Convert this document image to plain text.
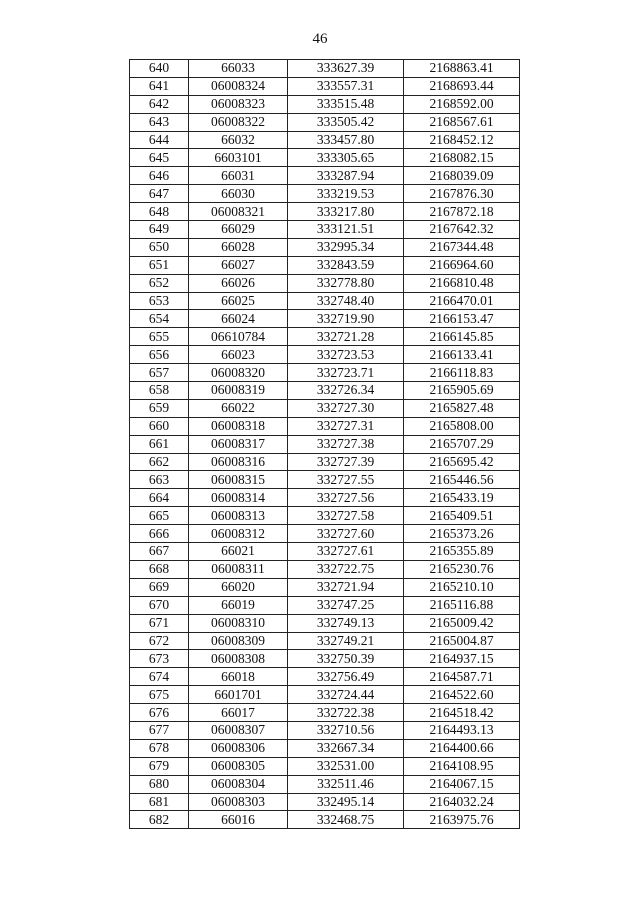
46
640	66033	333627.39	2168863.41
641	06008324	333557.31	2168693.44
642	06008323	333515.48	2168592.00
643	06008322	333505.42	2168567.61
644	66032	333457.80	2168452.12
645	6603101	333305.65	2168082.15
646	66031	333287.94	2168039.09
647	66030	333219.53	2167876.30
648	06008321	333217.80	2167872.18
649	66029	333121.51	2167642.32
650	66028	332995.34	2167344.48
651	66027	332843.59	2166964.60
652	66026	332778.80	2166810.48
653	66025	332748.40	2166470.01
654	66024	332719.90	2166153.47
655	06610784	332721.28	2166145.85
656	66023	332723.53	2166133.41
657	06008320	332723.71	2166118.83
658	06008319	332726.34	2165905.69
659	66022	332727.30	2165827.48
660	06008318	332727.31	2165808.00
661	06008317	332727.38	2165707.29
662	06008316	332727.39	2165695.42
663	06008315	332727.55	2165446.56
664	06008314	332727.56	2165433.19
665	06008313	332727.58	2165409.51
666	06008312	332727.60	2165373.26
667	66021	332727.61	2165355.89
668	06008311	332722.75	2165230.76
669	66020	332721.94	2165210.10
670	66019	332747.25	2165116.88
671	06008310	332749.13	2165009.42
672	06008309	332749.21	2165004.87
673	06008308	332750.39	2164937.15
674	66018	332756.49	2164587.71
675	6601701	332724.44	2164522.60
676	66017	332722.38	2164518.42
677	06008307	332710.56	2164493.13
678	06008306	332667.34	2164400.66
679	06008305	332531.00	2164108.95
680	06008304	332511.46	2164067.15
681	06008303	332495.14	2164032.24
682	66016	332468.75	2163975.76
